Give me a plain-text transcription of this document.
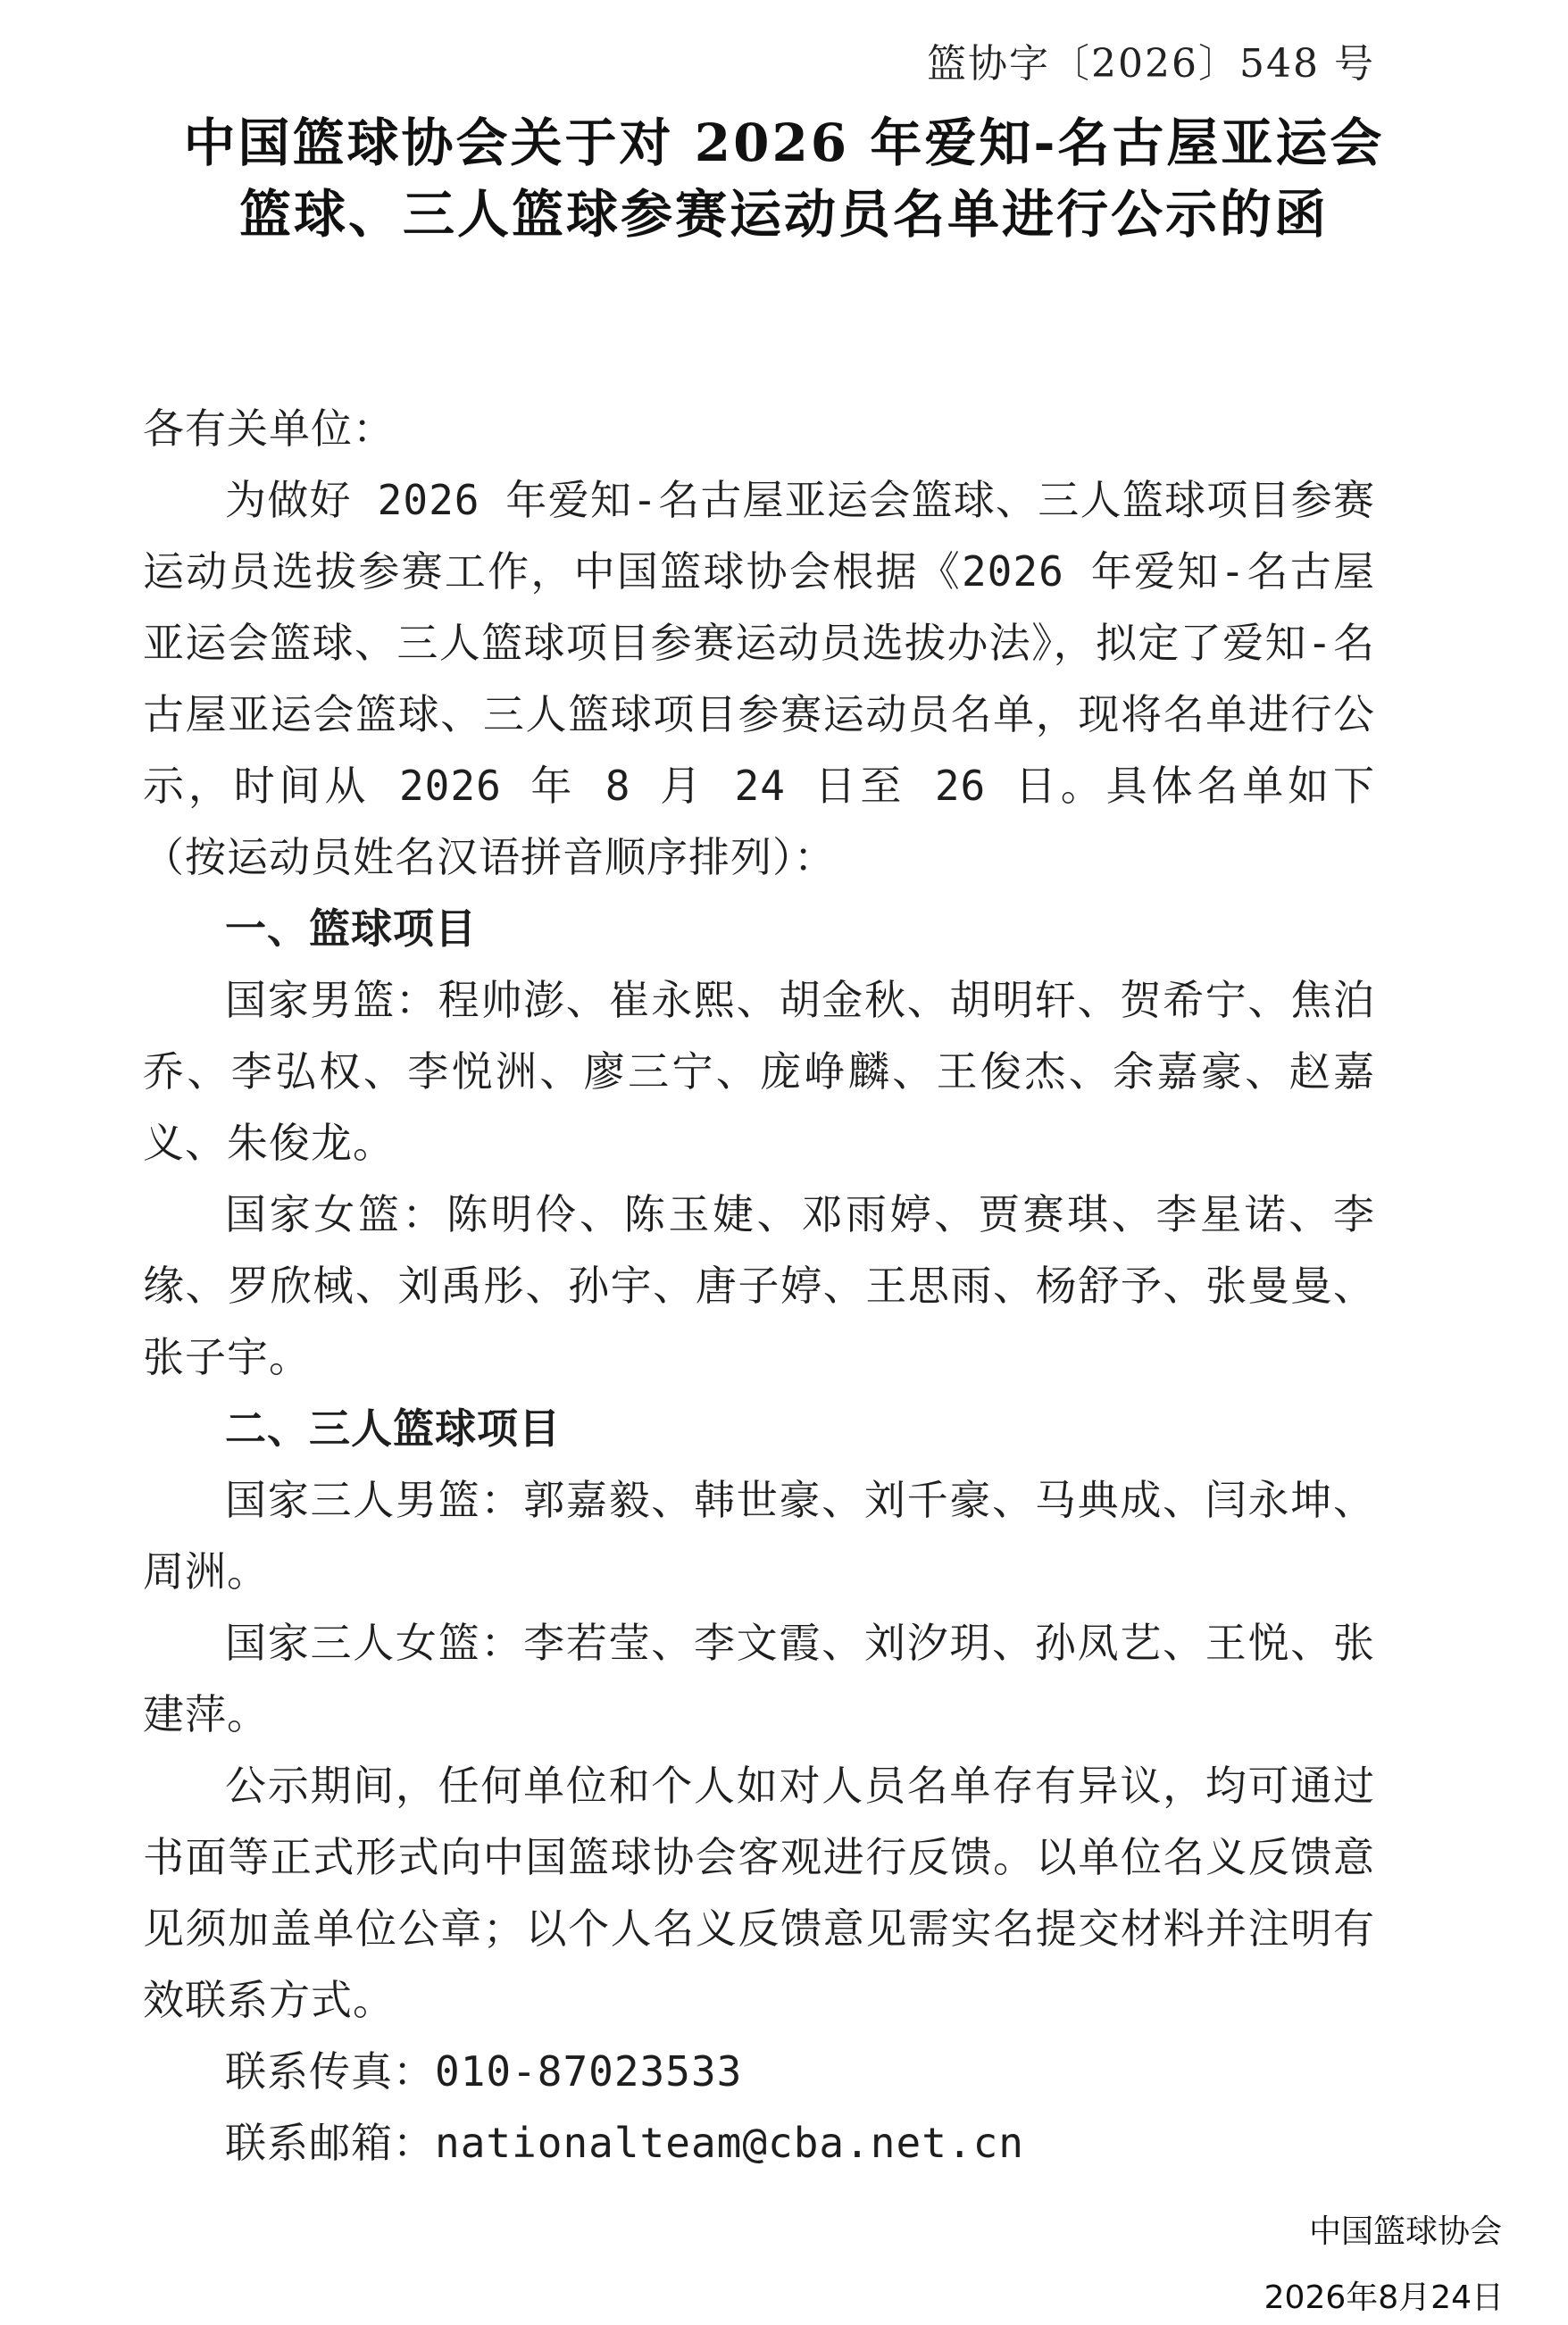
篮协字〔2026〕548 号
中国篮球协会关于对 2026 年爱知-名古屋亚运会
篮球、三人篮球参赛运动员名单进行公示的函

各有关单位：

为做好 2026 年爱知-名古屋亚运会篮球、三人篮球项目参赛运动员选拔参赛工作，中国篮球协会根据《2026 年爱知-名古屋亚运会篮球、三人篮球项目参赛运动员选拔办法》，拟定了爱知-名古屋亚运会篮球、三人篮球项目参赛运动员名单，现将名单进行公示，时间从 2026 年 8 月 24 日至 26 日。具体名单如下（按运动员姓名汉语拼音顺序排列）：

一、篮球项目

国家男篮：程帅澎、崔永熙、胡金秋、胡明轩、贺希宁、焦泊乔、李弘权、李悦洲、廖三宁、庞峥麟、王俊杰、余嘉豪、赵嘉义、朱俊龙。

国家女篮：陈明伶、陈玉婕、邓雨婷、贾赛琪、李星诺、李缘、罗欣棫、刘禹彤、孙宇、唐子婷、王思雨、杨舒予、张曼曼、张子宇。

二、三人篮球项目

国家三人男篮：郭嘉毅、韩世豪、刘千豪、马典成、闫永坤、周洲。

国家三人女篮：李若莹、李文霞、刘汐玥、孙凤艺、王悦、张建萍。

公示期间，任何单位和个人如对人员名单存有异议，均可通过书面等正式形式向中国篮球协会客观进行反馈。以单位名义反馈意见须加盖单位公章；以个人名义反馈意见需实名提交材料并注明有效联系方式。

联系传真：010-87023533

联系邮箱：nationalteam@cba.net.cn

中国篮球协会
2026年8月24日
